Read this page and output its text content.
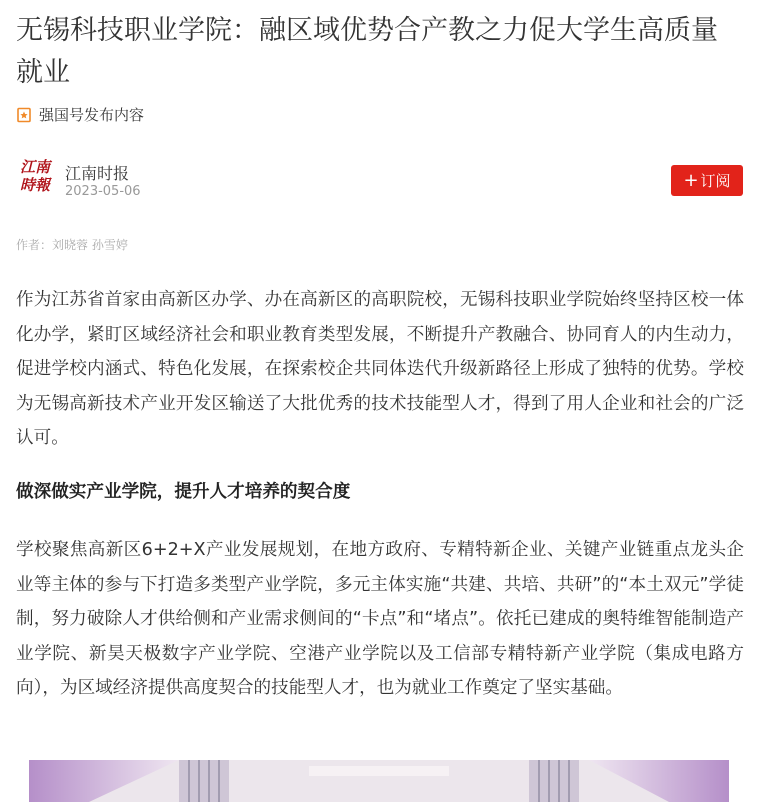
无锡科技职业学院：融区域优势合产教之力促大学生高质量就业
强国号发布内容
江南
時報
江南时报
2023-05-06
+ 订阅
作者：刘晓蓉 孙雪婷

作为江苏省首家由高新区办学、办在高新区的高职院校，无锡科技职业学院始终坚持区校一体化办学，紧盯区域经济社会和职业教育类型发展，不断提升产教融合、协同育人的内生动力，促进学校内涵式、特色化发展，在探索校企共同体迭代升级新路径上形成了独特的优势。学校为无锡高新技术产业开发区输送了大批优秀的技术技能型人才，得到了用人企业和社会的广泛认可。

做深做实产业学院，提升人才培养的契合度

学校聚焦高新区6+2+X产业发展规划，在地方政府、专精特新企业、关键产业链重点龙头企业等主体的参与下打造多类型产业学院，多元主体实施“共建、共培、共研”的“本土双元”学徒制，努力破除人才供给侧和产业需求侧间的“卡点”和“堵点”。依托已建成的奥特维智能制造产业学院、新昊天极数字产业学院、空港产业学院以及工信部专精特新产业学院（集成电路方向），为区域经济提供高度契合的技能型人才，也为就业工作奠定了坚实基础。
